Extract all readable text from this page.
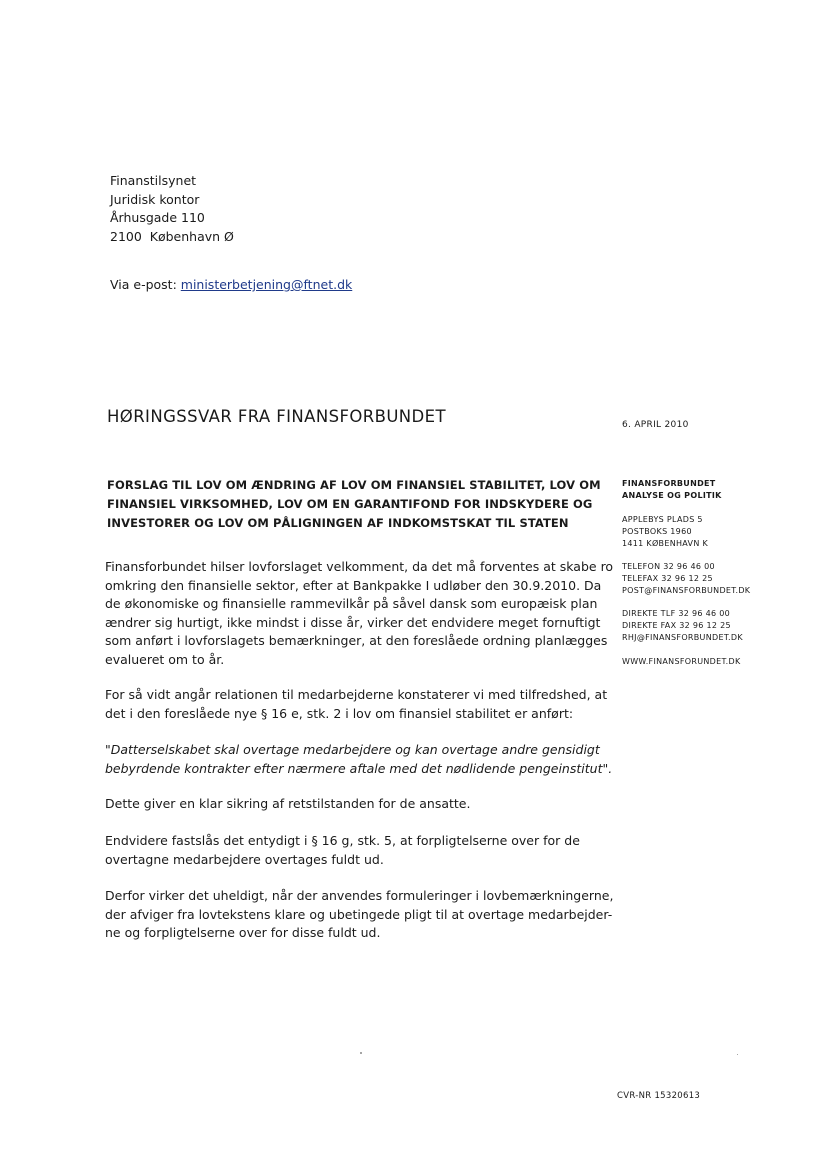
Finanstilsynet
Juridisk kontor
Århusgade 110
2100  København Ø
Via e-post: ministerbetjening@ftnet.dk
HØRINGSSVAR FRA FINANSFORBUNDET	6. APRIL 2010
FORSLAG TIL LOV OM ÆNDRING AF LOV OM FINANSIEL STABILITET, LOV OM
FINANSIEL VIRKSOMHED, LOV OM EN GARANTIFOND FOR INDSKYDERE OG
INVESTORER OG LOV OM PÅLIGNINGEN AF INDKOMSTSKAT TIL STATEN
Finansforbundet hilser lovforslaget velkomment, da det må forventes at skabe ro
omkring den finansielle sektor, efter at Bankpakke I udløber den 30.9.2010. Da
de økonomiske og finansielle rammevilkår på såvel dansk som europæisk plan
ændrer sig hurtigt, ikke mindst i disse år, virker det endvidere meget fornuftigt
som anført i lovforslagets bemærkninger, at den foreslåede ordning planlægges
evalueret om to år.
For så vidt angår relationen til medarbejderne konstaterer vi med tilfredshed, at
det i den foreslåede nye § 16 e, stk. 2 i lov om finansiel stabilitet er anført:
"Datterselskabet skal overtage medarbejdere og kan overtage andre gensidigt
bebyrdende kontrakter efter nærmere aftale med det nødlidende pengeinstitut".
Dette giver en klar sikring af retstilstanden for de ansatte.
Endvidere fastslås det entydigt i § 16 g, stk. 5, at forpligtelserne over for de
overtagne medarbejdere overtages fuldt ud.
Derfor virker det uheldigt, når der anvendes formuleringer i lovbemærkningerne,
der afviger fra lovtekstens klare og ubetingede pligt til at overtage medarbejder-
ne og forpligtelserne over for disse fuldt ud.
FINANSFORBUNDET
ANALYSE OG POLITIK
APPLEBYS PLADS 5
POSTBOKS 1960
1411 KØBENHAVN K
TELEFON 32 96 46 00
TELEFAX 32 96 12 25
POST@FINANSFORBUNDET.DK
DIREKTE TLF 32 96 46 00
DIREKTE FAX 32 96 12 25
RHJ@FINANSFORBUNDET.DK
WWW.FINANSFORUNDET.DK
CVR-NR 15320613
